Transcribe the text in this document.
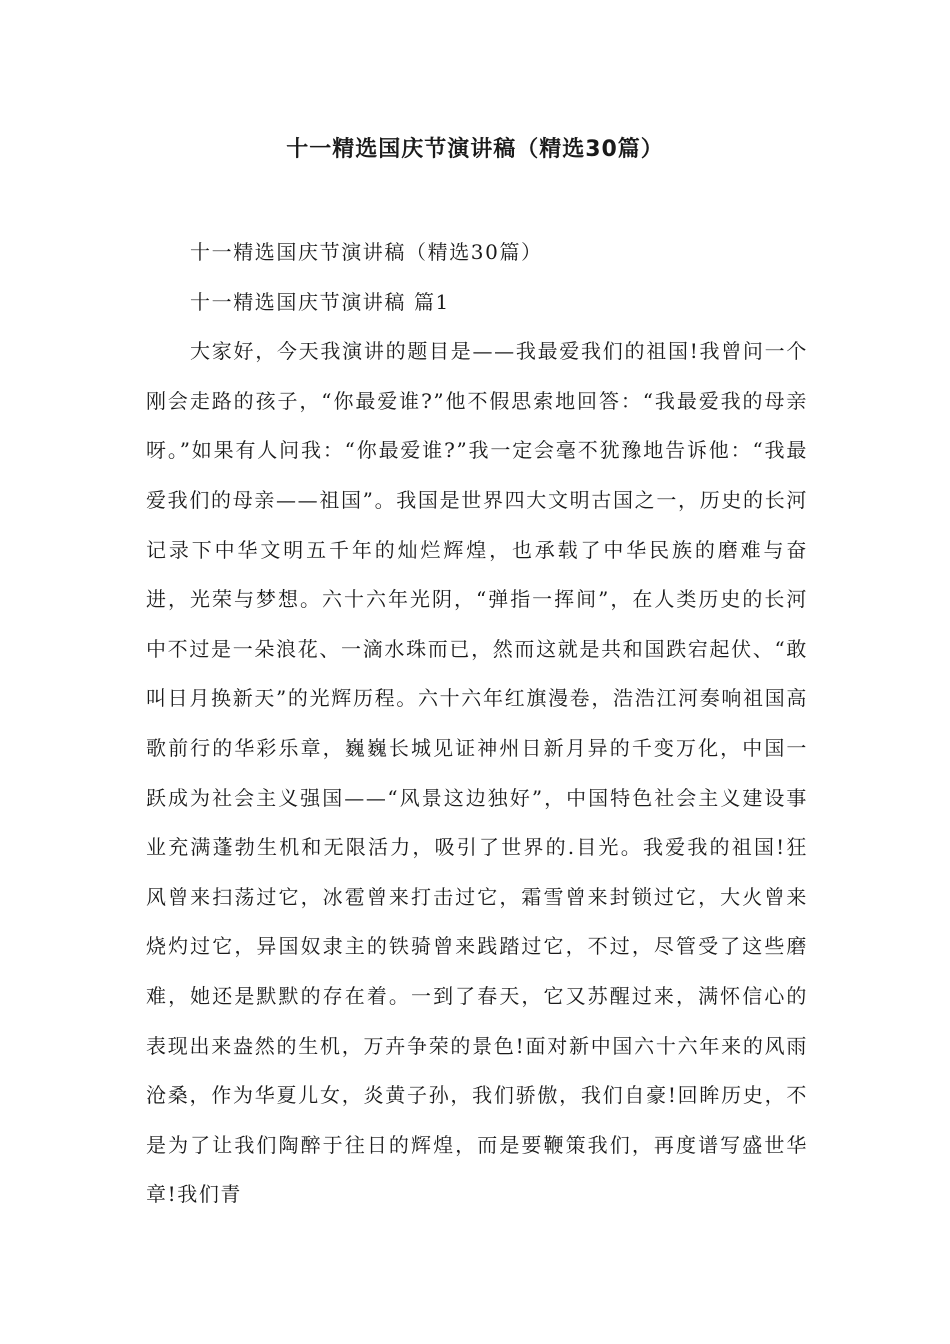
十一精选国庆节演讲稿（精选30篇）

十一精选国庆节演讲稿（精选30篇）

十一精选国庆节演讲稿 篇1

大家好，今天我演讲的题目是——我最爱我们的祖国!我曾问一个刚会走路的孩子，“你最爱谁?”他不假思索地回答：“我最爱我的母亲呀。”如果有人问我：“你最爱谁?”我一定会毫不犹豫地告诉他：“我最爱我们的母亲——祖国”。我国是世界四大文明古国之一，历史的长河记录下中华文明五千年的灿烂辉煌，也承载了中华民族的磨难与奋进，光荣与梦想。六十六年光阴，“弹指一挥间”，在人类历史的长河中不过是一朵浪花、一滴水珠而已，然而这就是共和国跌宕起伏、“敢叫日月换新天”的光辉历程。六十六年红旗漫卷，浩浩江河奏响祖国高歌前行的华彩乐章，巍巍长城见证神州日新月异的千变万化，中国一跃成为社会主义强国——“风景这边独好”，中国特色社会主义建设事业充满蓬勃生机和无限活力，吸引了世界的.目光。我爱我的祖国!狂风曾来扫荡过它，冰雹曾来打击过它，霜雪曾来封锁过它，大火曾来烧灼过它，异国奴隶主的铁骑曾来践踏过它，不过，尽管受了这些磨难，她还是默默的存在着。一到了春天，它又苏醒过来，满怀信心的表现出来盎然的生机，万卉争荣的景色!面对新中国六十六年来的风雨沧桑，作为华夏儿女，炎黄子孙，我们骄傲，我们自豪!回眸历史，不是为了让我们陶醉于往日的辉煌，而是要鞭策我们，再度谱写盛世华章!我们青
